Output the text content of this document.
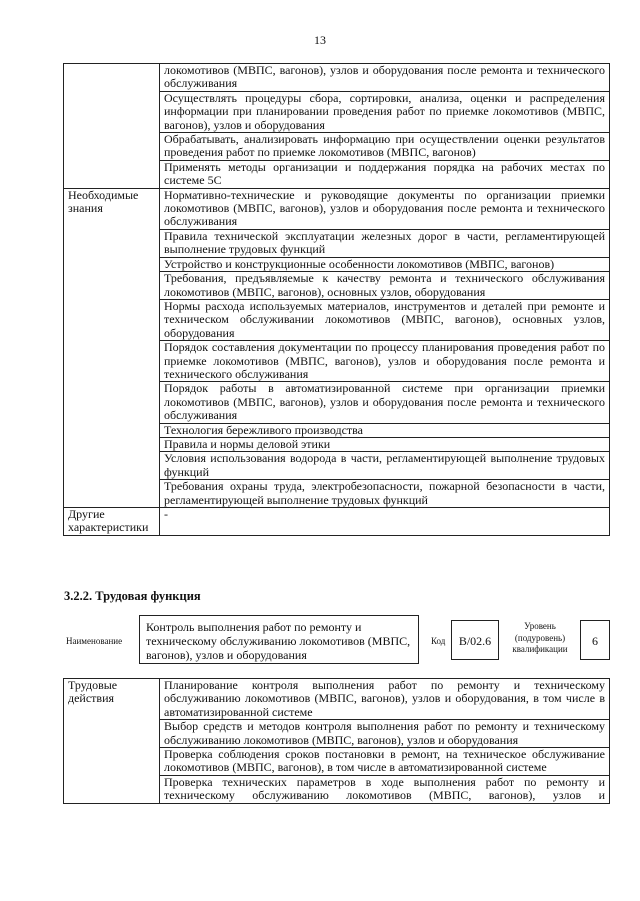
13
	локомотивов (МВПС, вагонов), узлов и оборудования после ремонта и технического обслуживания
	Осуществлять процедуры сбора, сортировки, анализа, оценки и распределения информации при планировании проведения работ по приемке локомотивов (МВПС, вагонов), узлов и оборудования
	Обрабатывать, анализировать информацию при осуществлении оценки результатов проведения работ по приемке локомотивов (МВПС, вагонов)
	Применять методы организации и поддержания порядка на рабочих местах по системе 5С
Необходимые знания	Нормативно-технические и руководящие документы по организации приемки локомотивов (МВПС, вагонов), узлов и оборудования после ремонта и технического обслуживания
	Правила технической эксплуатации железных дорог в части, регламентирующей выполнение трудовых функций
	Устройство и конструкционные особенности локомотивов (МВПС, вагонов)
	Требования, предъявляемые к качеству ремонта и технического обслуживания локомотивов (МВПС, вагонов), основных узлов, оборудования
	Нормы расхода используемых материалов, инструментов и деталей при ремонте и техническом обслуживании локомотивов (МВПС, вагонов), основных узлов, оборудования
	Порядок составления документации по процессу планирования проведения работ по приемке локомотивов (МВПС, вагонов), узлов и оборудования после ремонта и технического обслуживания
	Порядок работы в автоматизированной системе при организации приемки локомотивов (МВПС, вагонов), узлов и оборудования после ремонта и технического обслуживания
	Технология бережливого производства
	Правила и нормы деловой этики
	Условия использования водорода в части, регламентирующей выполнение трудовых функций
	Требования охраны труда, электробезопасности, пожарной безопасности в части, регламентирующей выполнение трудовых функций
Другие характеристики	-
3.2.2. Трудовая функция
Наименование
Контроль выполнения работ по ремонту и техническому обслуживанию локомотивов (МВПС, вагонов), узлов и оборудования
Код	B/02.6
Уровень (подуровень) квалификации
6
Трудовые действия	Планирование контроля выполнения работ по ремонту и техническому обслуживанию локомотивов (МВПС, вагонов), узлов и оборудования, в том числе в автоматизированной системе
Выбор средств и методов контроля выполнения работ по ремонту и техническому обслуживанию локомотивов (МВПС, вагонов), узлов и оборудования
Проверка соблюдения сроков постановки в ремонт, на техническое обслуживание локомотивов (МВПС, вагонов), в том числе в автоматизированной системе
Проверка технических параметров в ходе выполнения работ по ремонту и техническому обслуживанию локомотивов (МВПС, вагонов), узлов и
